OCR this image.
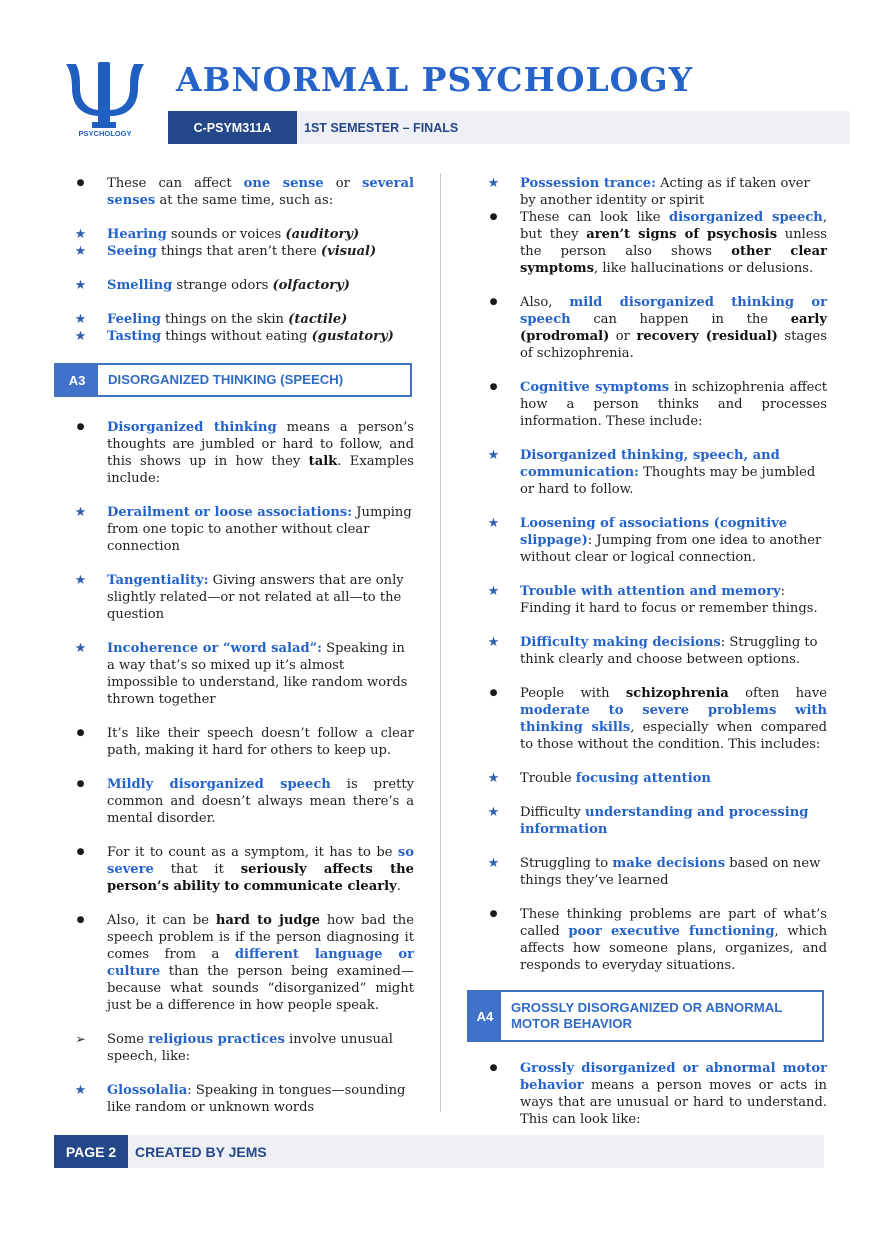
PSYCHOLOGY
ABNORMAL PSYCHOLOGY
C-PSYM311A	1ST SEMESTER – FINALS
●	These can affect one sense or several senses at the same time, such as:
★	Hearing sounds or voices (auditory)
★	Seeing things that aren’t there (visual)
★	Smelling strange odors (olfactory)
★	Feeling things on the skin (tactile)
★	Tasting things without eating (gustatory)
A3	DISORGANIZED THINKING (SPEECH)
●	Disorganized thinking means a person’s thoughts are jumbled or hard to follow, and this shows up in how they talk. Examples include:
★	Derailment or loose associations: Jumping from one topic to another without clear connection
★	Tangentiality: Giving answers that are only slightly related—or not related at all—to the question
★	Incoherence or “word salad”: Speaking in a way that’s so mixed up it’s almost impossible to understand, like random words thrown together
●	It’s like their speech doesn’t follow a clear path, making it hard for others to keep up.
●	Mildly disorganized speech is pretty common and doesn’t always mean there’s a mental disorder.
●	For it to count as a symptom, it has to be so severe that it seriously affects the person’s ability to communicate clearly.
●	Also, it can be hard to judge how bad the speech problem is if the person diagnosing it comes from a different language or culture than the person being examined—because what sounds “disorganized” might just be a difference in how people speak.
➢	Some religious practices involve unusual speech, like:
★	Glossolalia: Speaking in tongues—sounding like random or unknown words
★	Possession trance: Acting as if taken over by another identity or spirit
●	These can look like disorganized speech, but they aren’t signs of psychosis unless the person also shows other clear symptoms, like hallucinations or delusions.
●	Also, mild disorganized thinking or speech can happen in the early (prodromal) or recovery (residual) stages of schizophrenia.
●	Cognitive symptoms in schizophrenia affect how a person thinks and processes information. These include:
★	Disorganized thinking, speech, and communication: Thoughts may be jumbled or hard to follow.
★	Loosening of associations (cognitive slippage): Jumping from one idea to another without clear or logical connection.
★	Trouble with attention and memory: Finding it hard to focus or remember things.
★	Difficulty making decisions: Struggling to think clearly and choose between options.
●	People with schizophrenia often have moderate to severe problems with thinking skills, especially when compared to those without the condition. This includes:
★	Trouble focusing attention
★	Difficulty understanding and processing information
★	Struggling to make decisions based on new things they’ve learned
●	These thinking problems are part of what’s called poor executive functioning, which affects how someone plans, organizes, and responds to everyday situations.
A4
GROSSLY DISORGANIZED OR ABNORMAL MOTOR BEHAVIOR
●	Grossly disorganized or abnormal motor behavior means a person moves or acts in ways that are unusual or hard to understand. This can look like:
PAGE 2	CREATED BY JEMS
